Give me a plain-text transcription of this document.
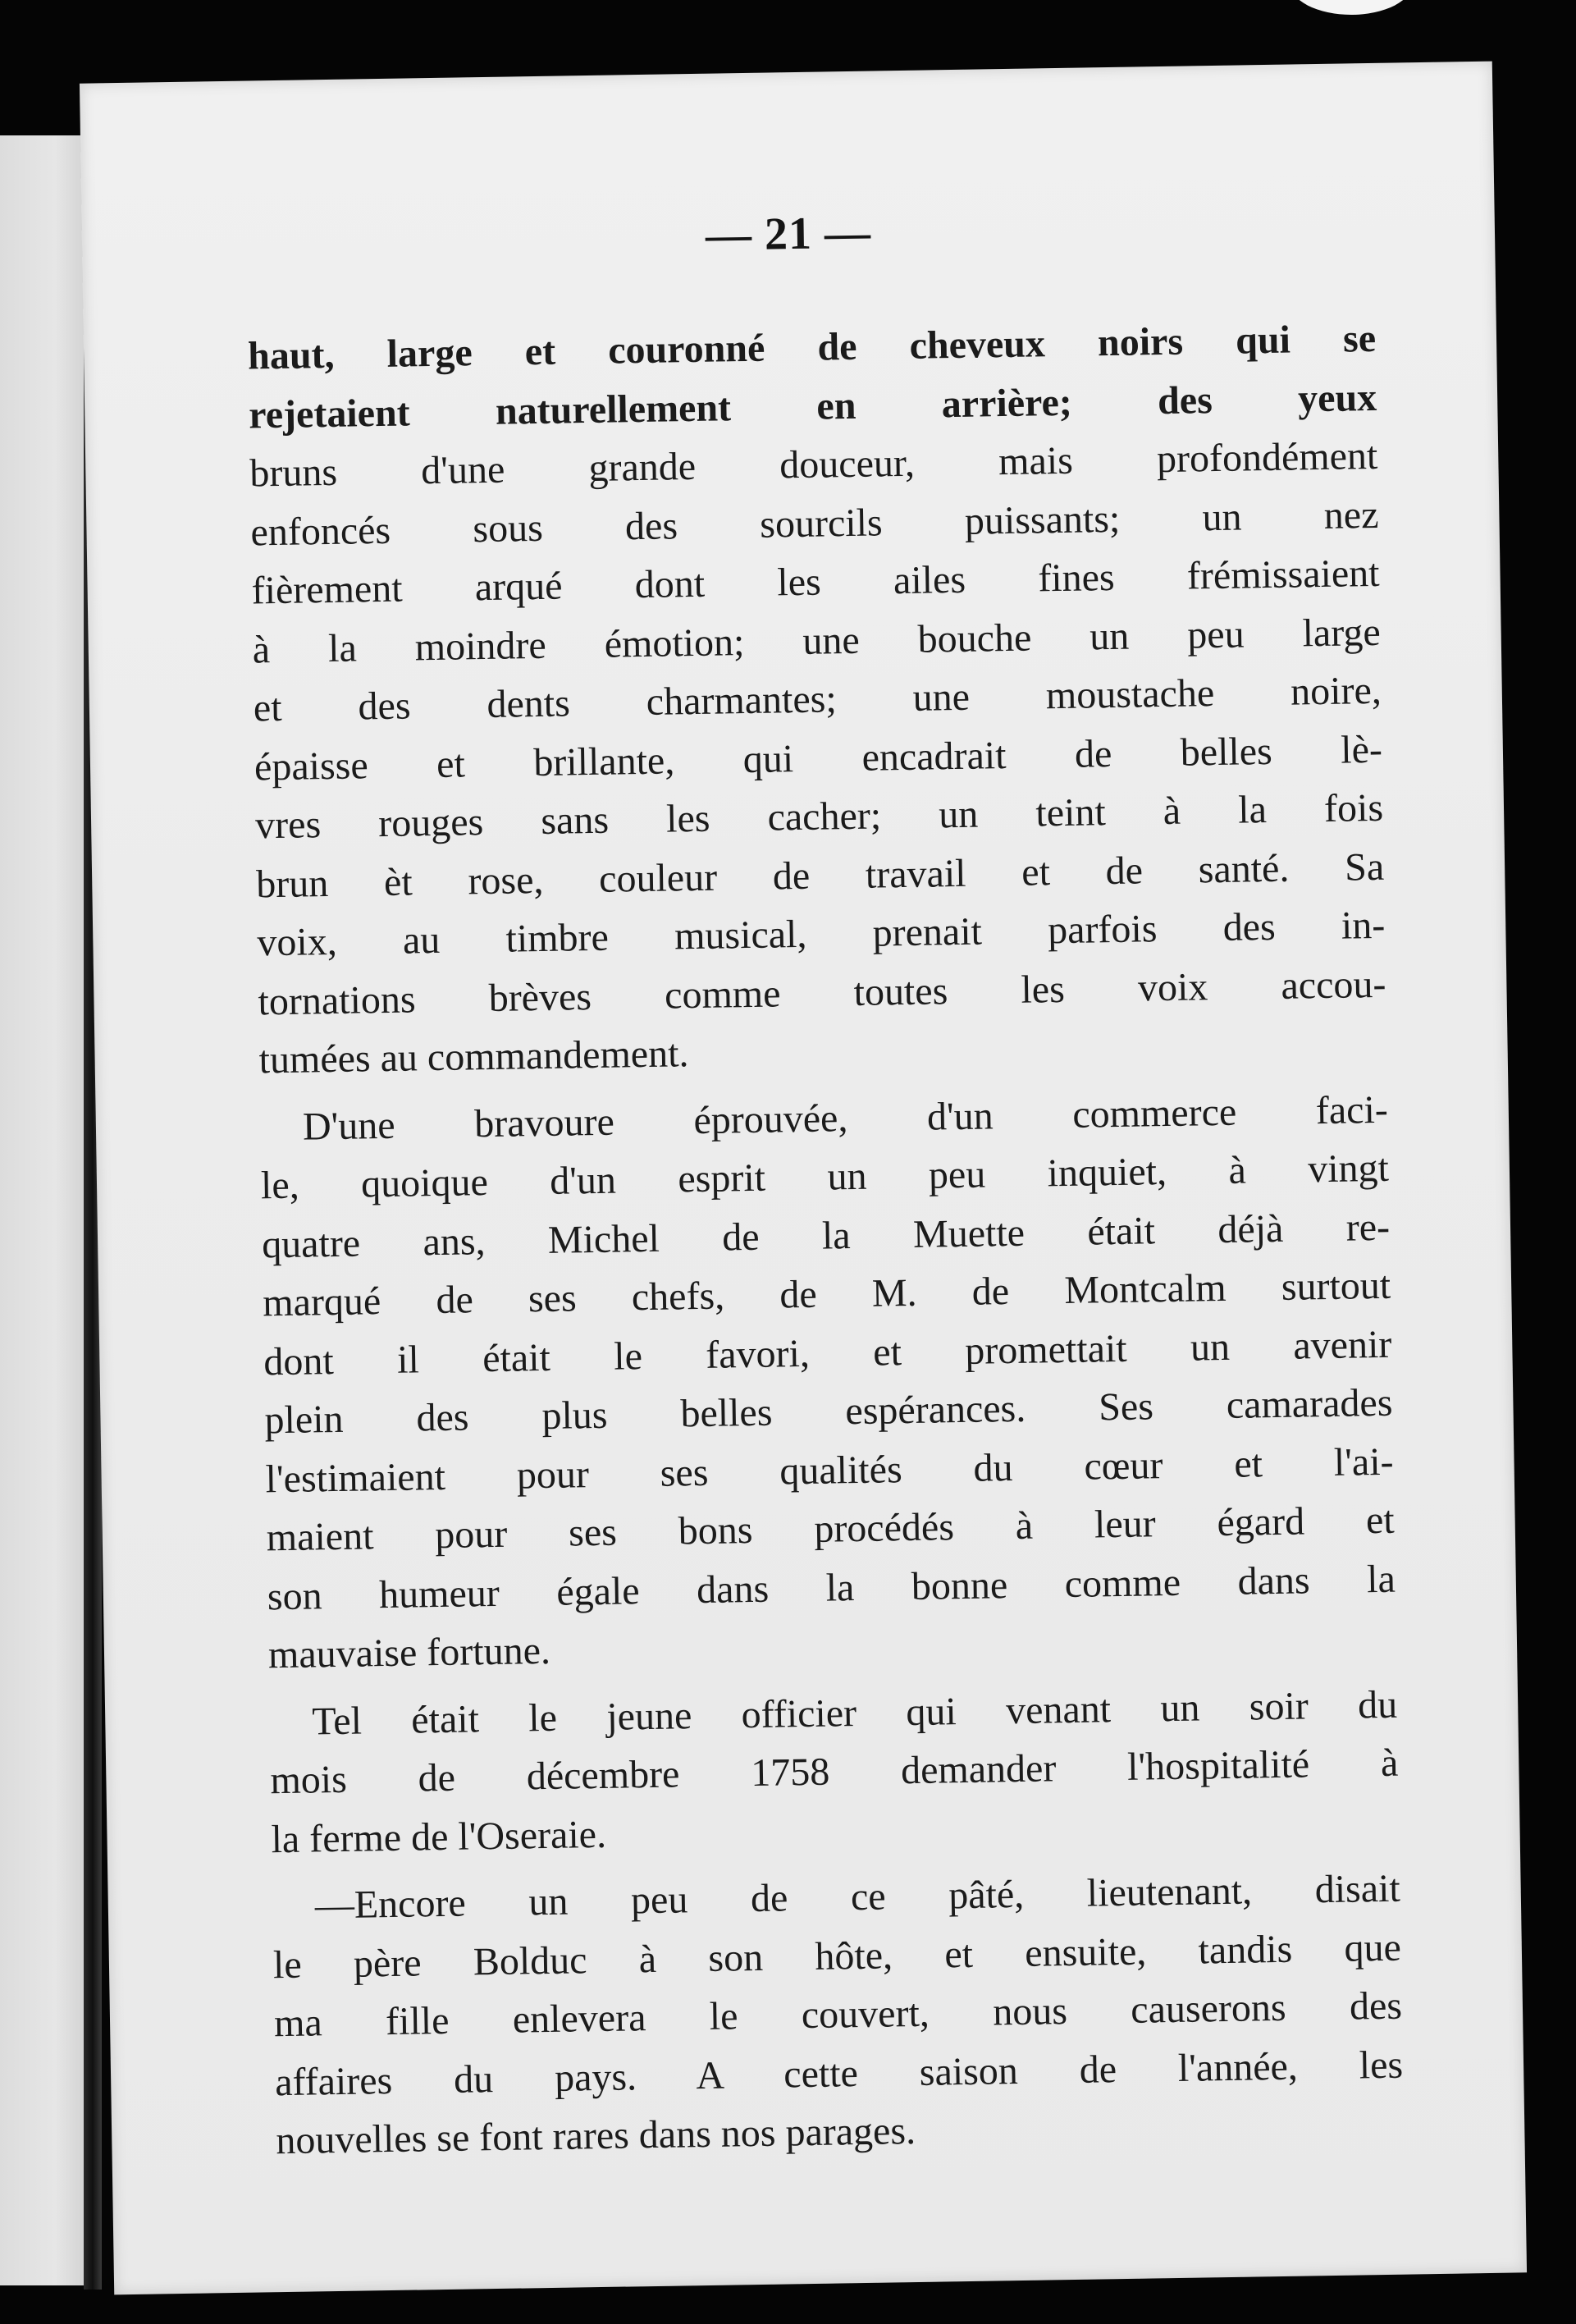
— 21 —
haut, large et couronné de cheveux noirs qui se
rejetaient naturellement en arrière; des yeux
bruns d'une grande douceur, mais profondément
enfoncés sous des sourcils puissants; un nez
fièrement arqué dont les ailes fines frémissaient
à la moindre émotion; une bouche un peu large
et des dents charmantes; une moustache noire,
épaisse et brillante, qui encadrait de belles lè-
vres rouges sans les cacher; un teint à la fois
brun èt rose, couleur de travail et de santé. Sa
voix, au timbre musical, prenait parfois des in-
tornations brèves comme toutes les voix accou-
tumées au commandement.
D'une bravoure éprouvée, d'un commerce faci-
le, quoique d'un esprit un peu inquiet, à vingt
quatre ans, Michel de la Muette était déjà re-
marqué de ses chefs, de M. de Montcalm surtout
dont il était le favori, et promettait un avenir
plein des plus belles espérances. Ses camarades
l'estimaient pour ses qualités du cœur et l'ai-
maient pour ses bons procédés à leur égard et
son humeur égale dans la bonne comme dans la
mauvaise fortune.
Tel était le jeune officier qui venant un soir du
mois de décembre 1758 demander l'hospitalité à
la ferme de l'Oseraie.
—Encore un peu de ce pâté, lieutenant, disait
le père Bolduc à son hôte, et ensuite, tandis que
ma fille enlevera le couvert, nous causerons des
affaires du pays. A cette saison de l'année, les
nouvelles se font rares dans nos parages.
